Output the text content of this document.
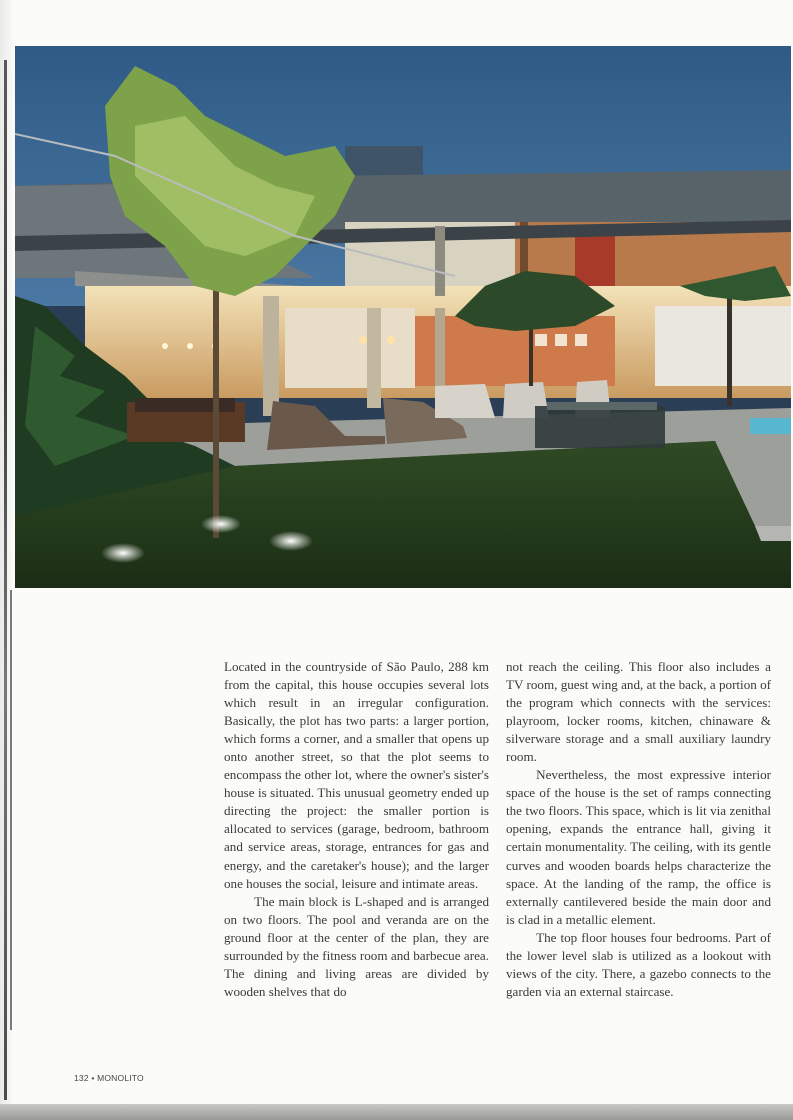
Located in the countryside of São Paulo, 288 km from the capital, this house occupies several lots which result in an irregular configuration. Basically, the plot has two parts: a larger portion, which forms a corner, and a smaller that opens up onto another street, so that the plot seems to encompass the other lot, where the owner's sister's house is situated. This unusual geometry ended up directing the project: the smaller portion is allocated to services (garage, bedroom, bathroom and service areas, storage, entrances for gas and energy, and the caretaker's house); and the larger one houses the social, leisure and intimate areas.

The main block is L-shaped and is arranged on two floors. The pool and veranda are on the ground floor at the center of the plan, they are surrounded by the fitness room and barbecue area. The dining and living areas are divided by wooden shelves that do

not reach the ceiling. This floor also includes a TV room, guest wing and, at the back, a portion of the program which connects with the services: playroom, locker rooms, kitchen, chinaware & silverware storage and a small auxiliary laundry room.

Nevertheless, the most expressive interior space of the house is the set of ramps connecting the two floors. This space, which is lit via zenithal opening, expands the entrance hall, giving it certain monumentality. The ceiling, with its gentle curves and wooden boards helps characterize the space. At the landing of the ramp, the office is externally cantilevered beside the main door and is clad in a metallic element.

The top floor houses four bedrooms. Part of the lower level slab is utilized as a lookout with views of the city. There, a gazebo connects to the garden via an external staircase.

132 • MONOLITO
